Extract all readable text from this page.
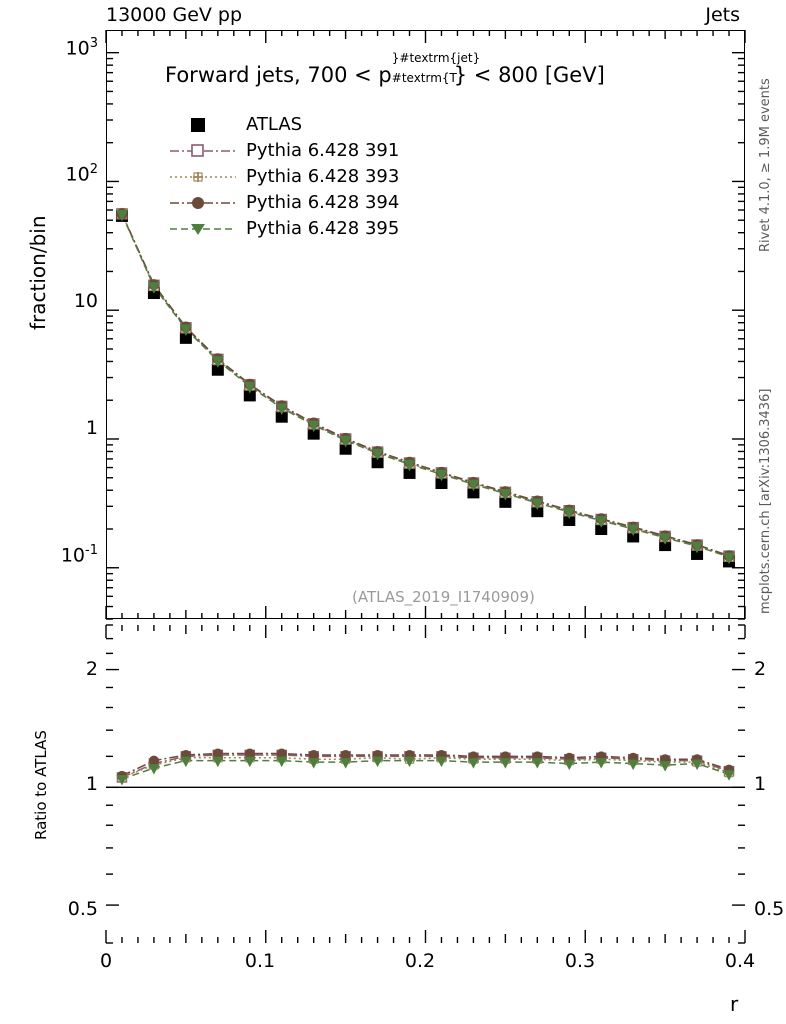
13000 GeV pp	Jets
fraction/bin
Ratio to ATLAS
r
Rivet 4.1.0, ≥ 1.9M events
mcplots.cern.ch [arXiv:1306.3436]
$10^3$
$10^2$
10
1
$10^{-1}$
Forward jets, 700 < p #textrm{T
}#textrm{jet}
} < 800 [GeV]
ATLAS
Pythia 6.428 391
Pythia 6.428 393
Pythia 6.428 394
Pythia 6.428 395
(ATLAS_2019_I1740909)
2
1
0.5
2
1
0.5
0	0.1	0.2	0.3	0.4
